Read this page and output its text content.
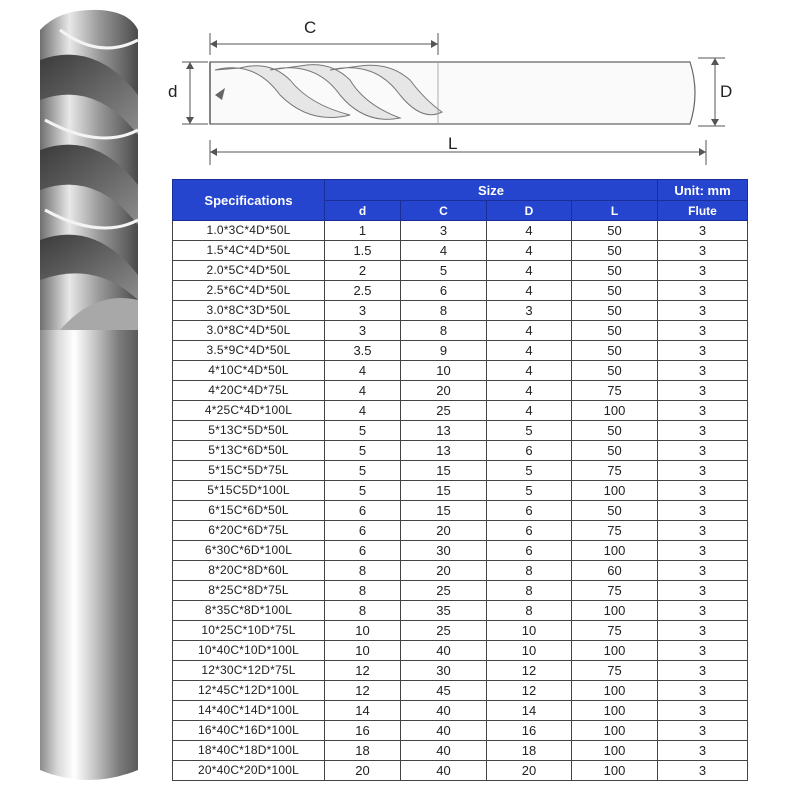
C
d	D
L
Specifications	Size				Unit: mm
	d	C	D	L	Flute
1.0*3C*4D*50L	1	3	4	50	3
1.5*4C*4D*50L	1.5	4	4	50	3
2.0*5C*4D*50L	2	5	4	50	3
2.5*6C*4D*50L	2.5	6	4	50	3
3.0*8C*3D*50L	3	8	3	50	3
3.0*8C*4D*50L	3	8	4	50	3
3.5*9C*4D*50L	3.5	9	4	50	3
4*10C*4D*50L	4	10	4	50	3
4*20C*4D*75L	4	20	4	75	3
4*25C*4D*100L	4	25	4	100	3
5*13C*5D*50L	5	13	5	50	3
5*13C*6D*50L	5	13	6	50	3
5*15C*5D*75L	5	15	5	75	3
5*15C5D*100L	5	15	5	100	3
6*15C*6D*50L	6	15	6	50	3
6*20C*6D*75L	6	20	6	75	3
6*30C*6D*100L	6	30	6	100	3
8*20C*8D*60L	8	20	8	60	3
8*25C*8D*75L	8	25	8	75	3
8*35C*8D*100L	8	35	8	100	3
10*25C*10D*75L	10	25	10	75	3
10*40C*10D*100L	10	40	10	100	3
12*30C*12D*75L	12	30	12	75	3
12*45C*12D*100L	12	45	12	100	3
14*40C*14D*100L	14	40	14	100	3
16*40C*16D*100L	16	40	16	100	3
18*40C*18D*100L	18	40	18	100	3
20*40C*20D*100L	20	40	20	100	3
